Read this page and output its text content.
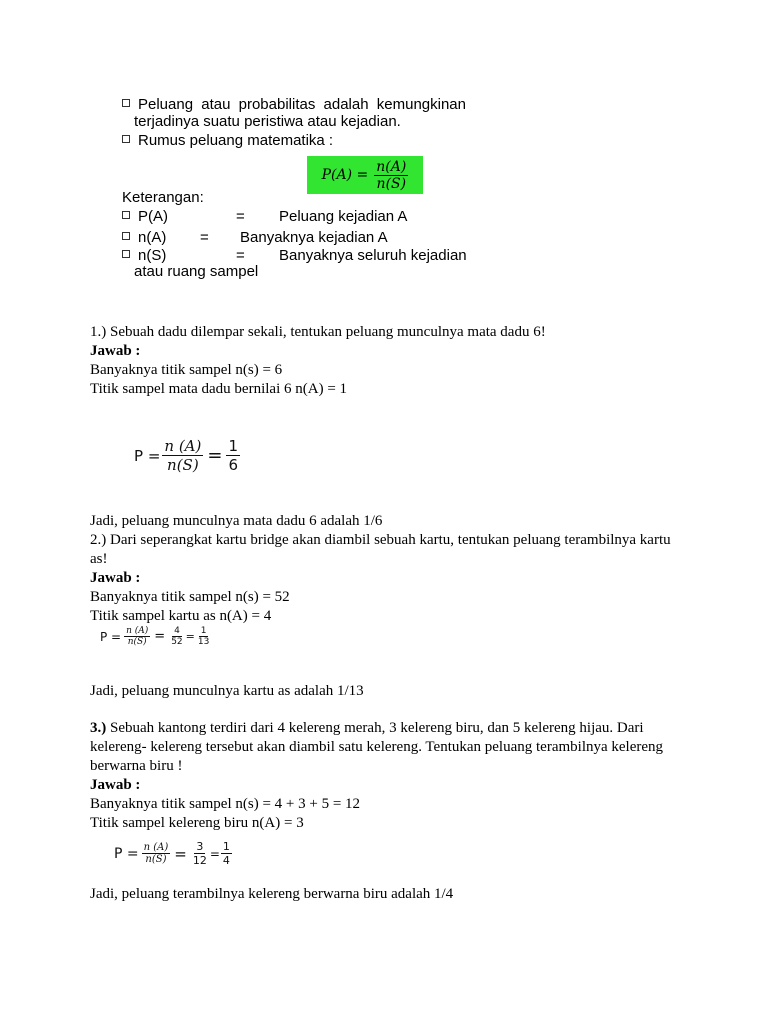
Peluang atau probabilitas adalah kemungkinan
terjadinya suatu peristiwa atau kejadian.
Rumus peluang matematika :
$P(A) = \frac{n(A)}{n(S)}$
Keterangan:
P(A)	= Peluang kejadian A
n(A) = Banyaknya kejadian A
n(S)	= Banyaknya seluruh kejadian
atau ruang sampel

1.) Sebuah dadu dilempar sekali, tentukan peluang munculnya mata dadu 6!

Jawab :

Banyaknya titik sampel n(s) = 6

Titik sampel mata dadu bernilai 6 n(A) = 1

$P = \frac{n (A)}{n(S)} = \frac{1}{6}$

Jadi, peluang munculnya mata dadu 6 adalah 1/6

2.) Dari seperangkat kartu bridge akan diambil sebuah kartu, tentukan peluang terambilnya kartu

as!

Jawab :

Banyaknya titik sampel n(s) = 52

Titik sampel kartu as n(A) = 4

$P = \frac{n (A)}{n(S)} = \frac{4}{52} = \frac{1}{13}$

Jadi, peluang munculnya kartu as adalah 1/13

3.) Sebuah kantong terdiri dari 4 kelereng merah, 3 kelereng biru, dan 5 kelereng hijau. Dari

kelereng- kelereng tersebut akan diambil satu kelereng. Tentukan peluang terambilnya kelereng

berwarna biru !

Jawab :

Banyaknya titik sampel n(s) = 4 + 3 + 5 = 12

Titik sampel kelereng biru n(A) = 3

$P = \frac{n (A)}{n(S)} = \frac{3}{12} = \frac{1}{4}$

Jadi, peluang terambilnya kelereng berwarna biru adalah 1/4
